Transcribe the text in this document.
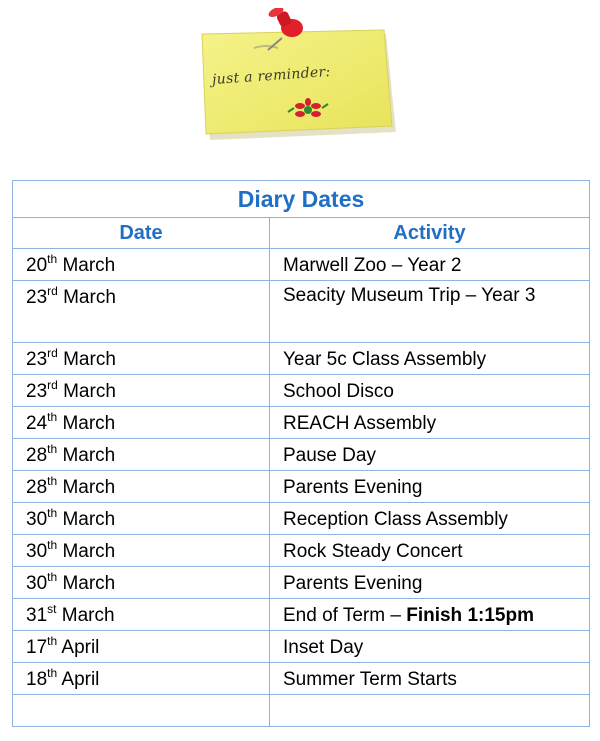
just a reminder:
Diary Dates	
Date	Activity
20th March	Marwell Zoo – Year 2
23rd March	Seacity Museum Trip – Year 3
23rd March	Year 5c Class Assembly
23rd March	School Disco
24th March	REACH Assembly
28th March	Pause Day
28th March	Parents Evening
30th March	Reception Class Assembly
30th March	Rock Steady Concert
30th March	Parents Evening
31st March	End of Term – Finish 1:15pm
17th April	Inset Day
18th April	Summer Term Starts
